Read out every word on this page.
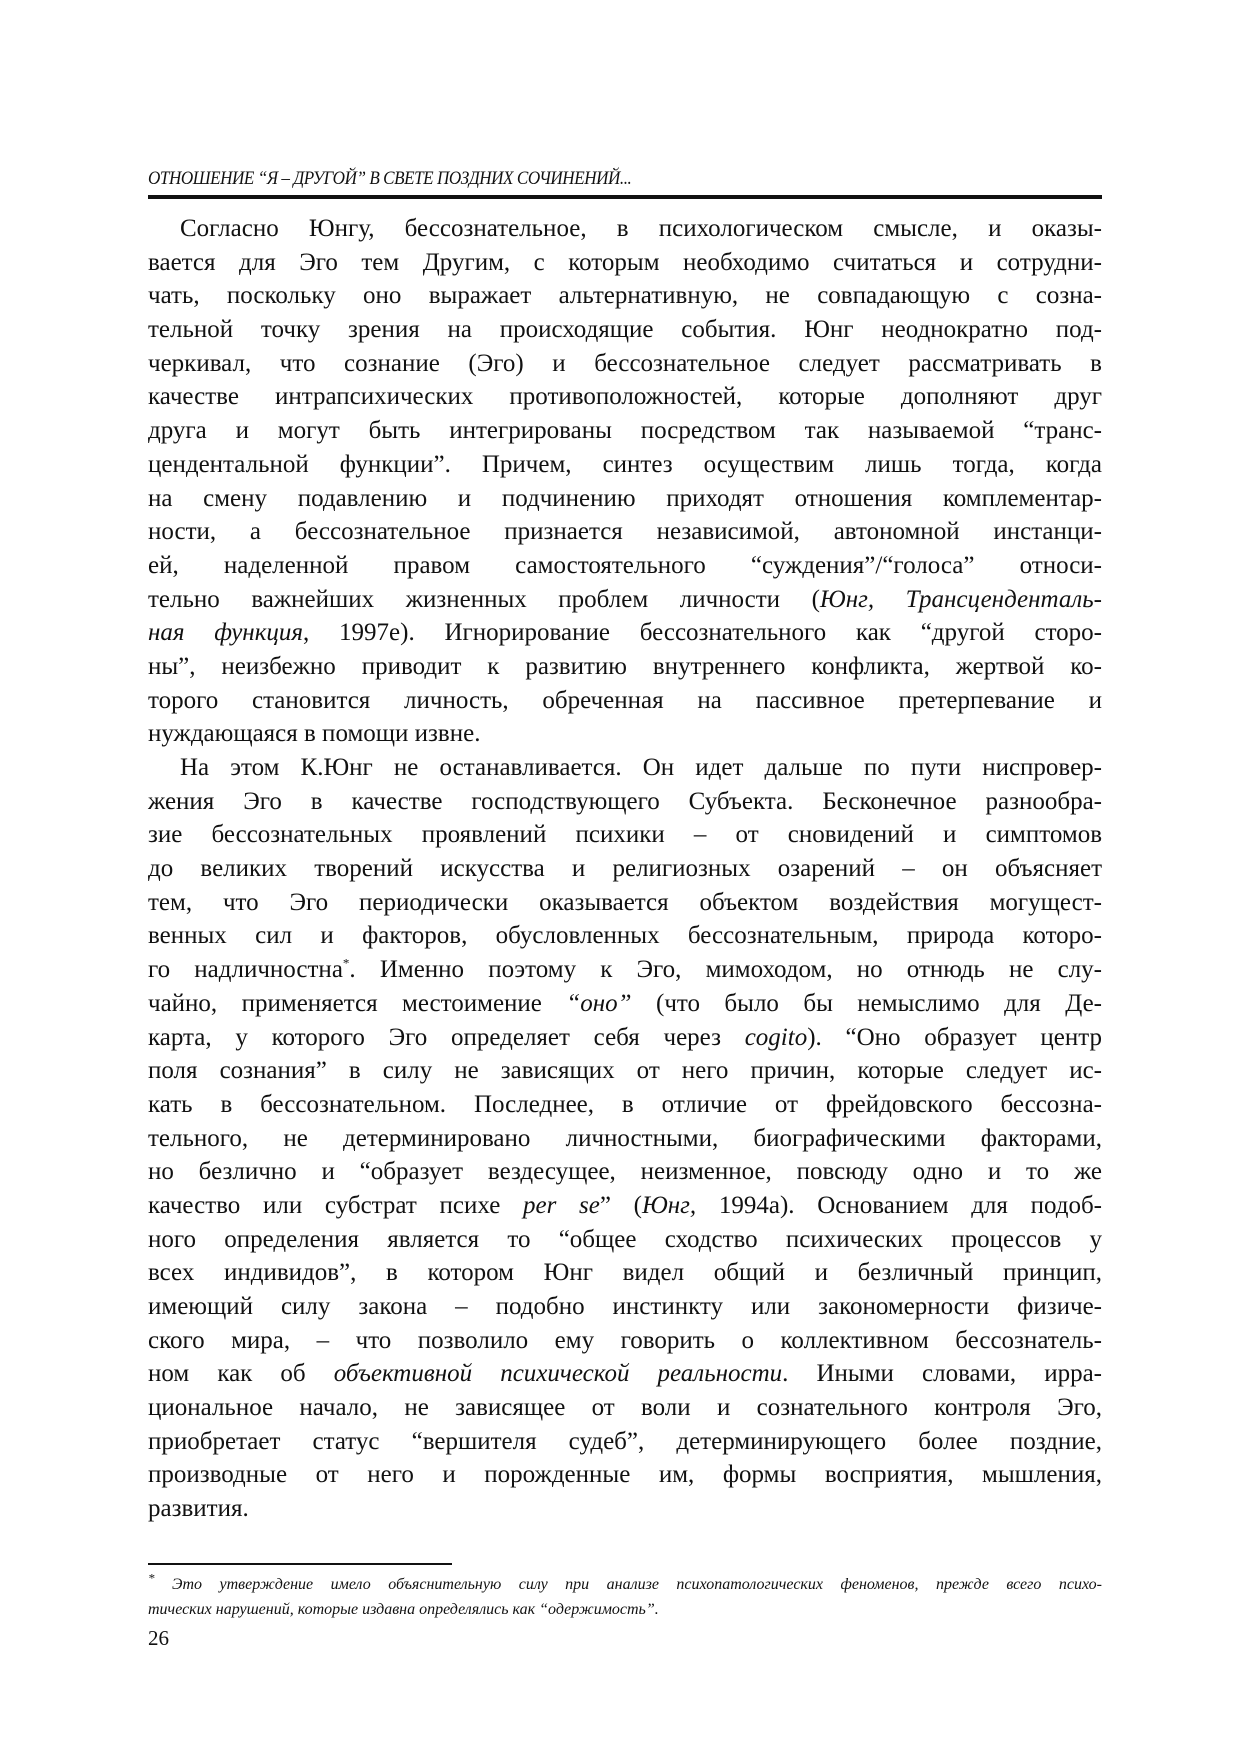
ОТНОШЕНИЕ “Я – ДРУГОЙ” В СВЕТЕ ПОЗДНИХ СОЧИНЕНИЙ...
Согласно Юнгу, бессознательное, в психологическом смысле, и оказы-
вается для Эго тем Другим, с которым необходимо считаться и сотрудни-
чать, поскольку оно выражает альтернативную, не совпадающую с созна-
тельной точку зрения на происходящие события. Юнг неоднократно под-
черкивал, что сознание (Эго) и бессознательное следует рассматривать в
качестве интрапсихических противоположностей, которые дополняют друг
друга и могут быть интегрированы посредством так называемой “транс-
цендентальной функции”. Причем, синтез осуществим лишь тогда, когда
на смену подавлению и подчинению приходят отношения комплементар-
ности, а бессознательное признается независимой, автономной инстанци-
ей, наделенной правом самостоятельного “суждения”/“голоса” относи-
тельно важнейших жизненных проблем личности (Юнг, Трансценденталь-
ная функция, 1997е). Игнорирование бессознательного как “другой сторо-
ны”, неизбежно приводит к развитию внутреннего конфликта, жертвой ко-
торого становится личность, обреченная на пассивное претерпевание и
нуждающаяся в помощи извне.
На этом К.Юнг не останавливается. Он идет дальше по пути ниспровер-
жения Эго в качестве господствующего Субъекта. Бесконечное разнообра-
зие бессознательных проявлений психики – от сновидений и симптомов
до великих творений искусства и религиозных озарений – он объясняет
тем, что Эго периодически оказывается объектом воздействия могущест-
венных сил и факторов, обусловленных бессознательным, природа которо-
го надличностна*. Именно поэтому к Эго, мимоходом, но отнюдь не слу-
чайно, применяется местоимение “оно” (что было бы немыслимо для Де-
карта, у которого Эго определяет себя через cogito). “Оно образует центр
поля сознания” в силу не зависящих от него причин, которые следует ис-
кать в бессознательном. Последнее, в отличие от фрейдовского бессозна-
тельного, не детерминировано личностными, биографическими факторами,
но безлично и “образует вездесущее, неизменное, повсюду одно и то же
качество или субстрат психе per se” (Юнг, 1994а). Основанием для подоб-
ного определения является то “общее сходство психических процессов у
всех индивидов”, в котором Юнг видел общий и безличный принцип,
имеющий силу закона – подобно инстинкту или закономерности физиче-
ского мира, – что позволило ему говорить о коллективном бессознатель-
ном как об объективной психической реальности. Иными словами, ирра-
циональное начало, не зависящее от воли и сознательного контроля Эго,
приобретает статус “вершителя судеб”, детерминирующего более поздние,
производные от него и порожденные им, формы восприятия, мышления,
развития.
* Это утверждение имело объяснительную силу при анализе психопатологических феноменов, прежде всего психо-
тических нарушений, которые издавна определялись как “одержимость”.
26
